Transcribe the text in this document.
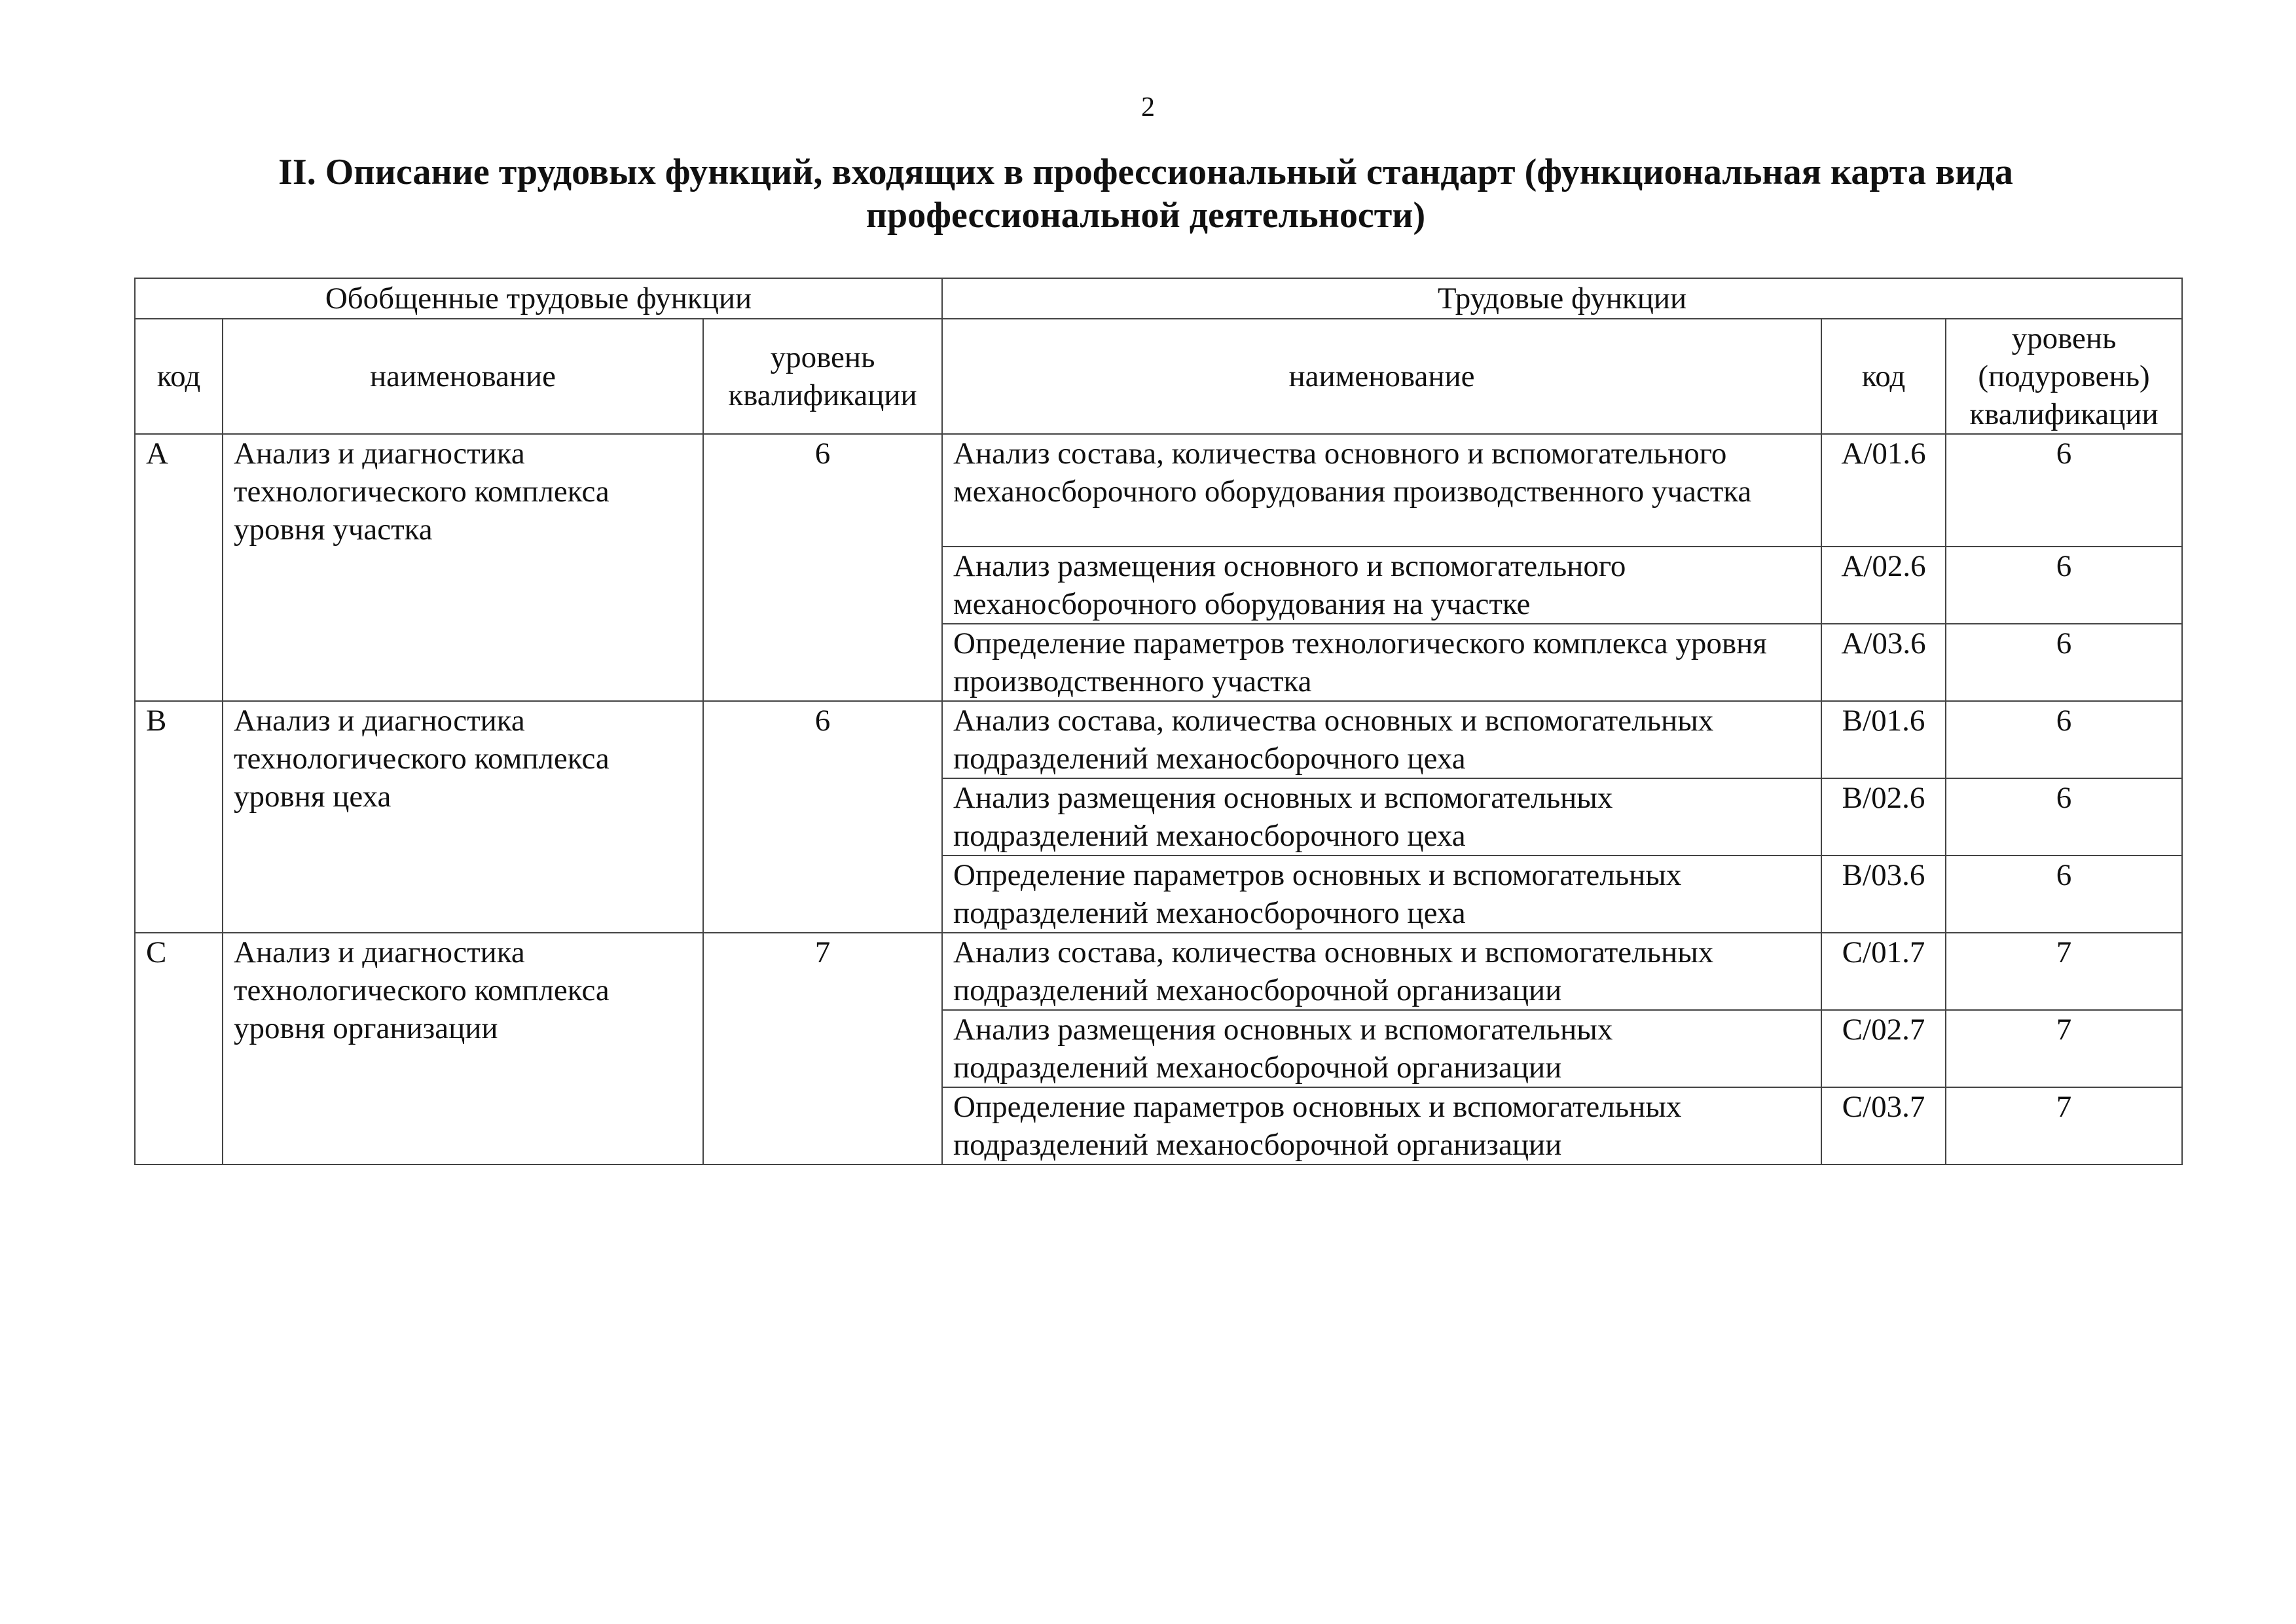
2
II. Описание трудовых функций, входящих в профессиональный стандарт (функциональная карта вида профессиональной деятельности)
Обобщенные трудовые функции			Трудовые функции		
код	наименование	уровень квалификации	наименование	код	уровень (подуровень) квалификации
A	Анализ и диагностика технологического комплекса уровня участка	6	Анализ состава, количества основного и вспомогательного механосборочного оборудования производственного участка	A/01.6	6
			Анализ размещения основного и вспомогательного механосборочного оборудования на участке	A/02.6	6
			Определение параметров технологического комплекса уровня производственного участка	A/03.6	6
B	Анализ и диагностика технологического комплекса уровня цеха	6	Анализ состава, количества основных и вспомогательных подразделений механосборочного цеха	B/01.6	6
			Анализ размещения основных и вспомогательных подразделений механосборочного цеха	B/02.6	6
			Определение параметров основных и вспомогательных подразделений механосборочного цеха	B/03.6	6
C	Анализ и диагностика технологического комплекса уровня организации	7	Анализ состава, количества основных и вспомогательных подразделений механосборочной организации	C/01.7	7
			Анализ размещения основных и вспомогательных подразделений механосборочной организации	C/02.7	7
			Определение параметров основных и вспомогательных подразделений механосборочной организации	C/03.7	7
